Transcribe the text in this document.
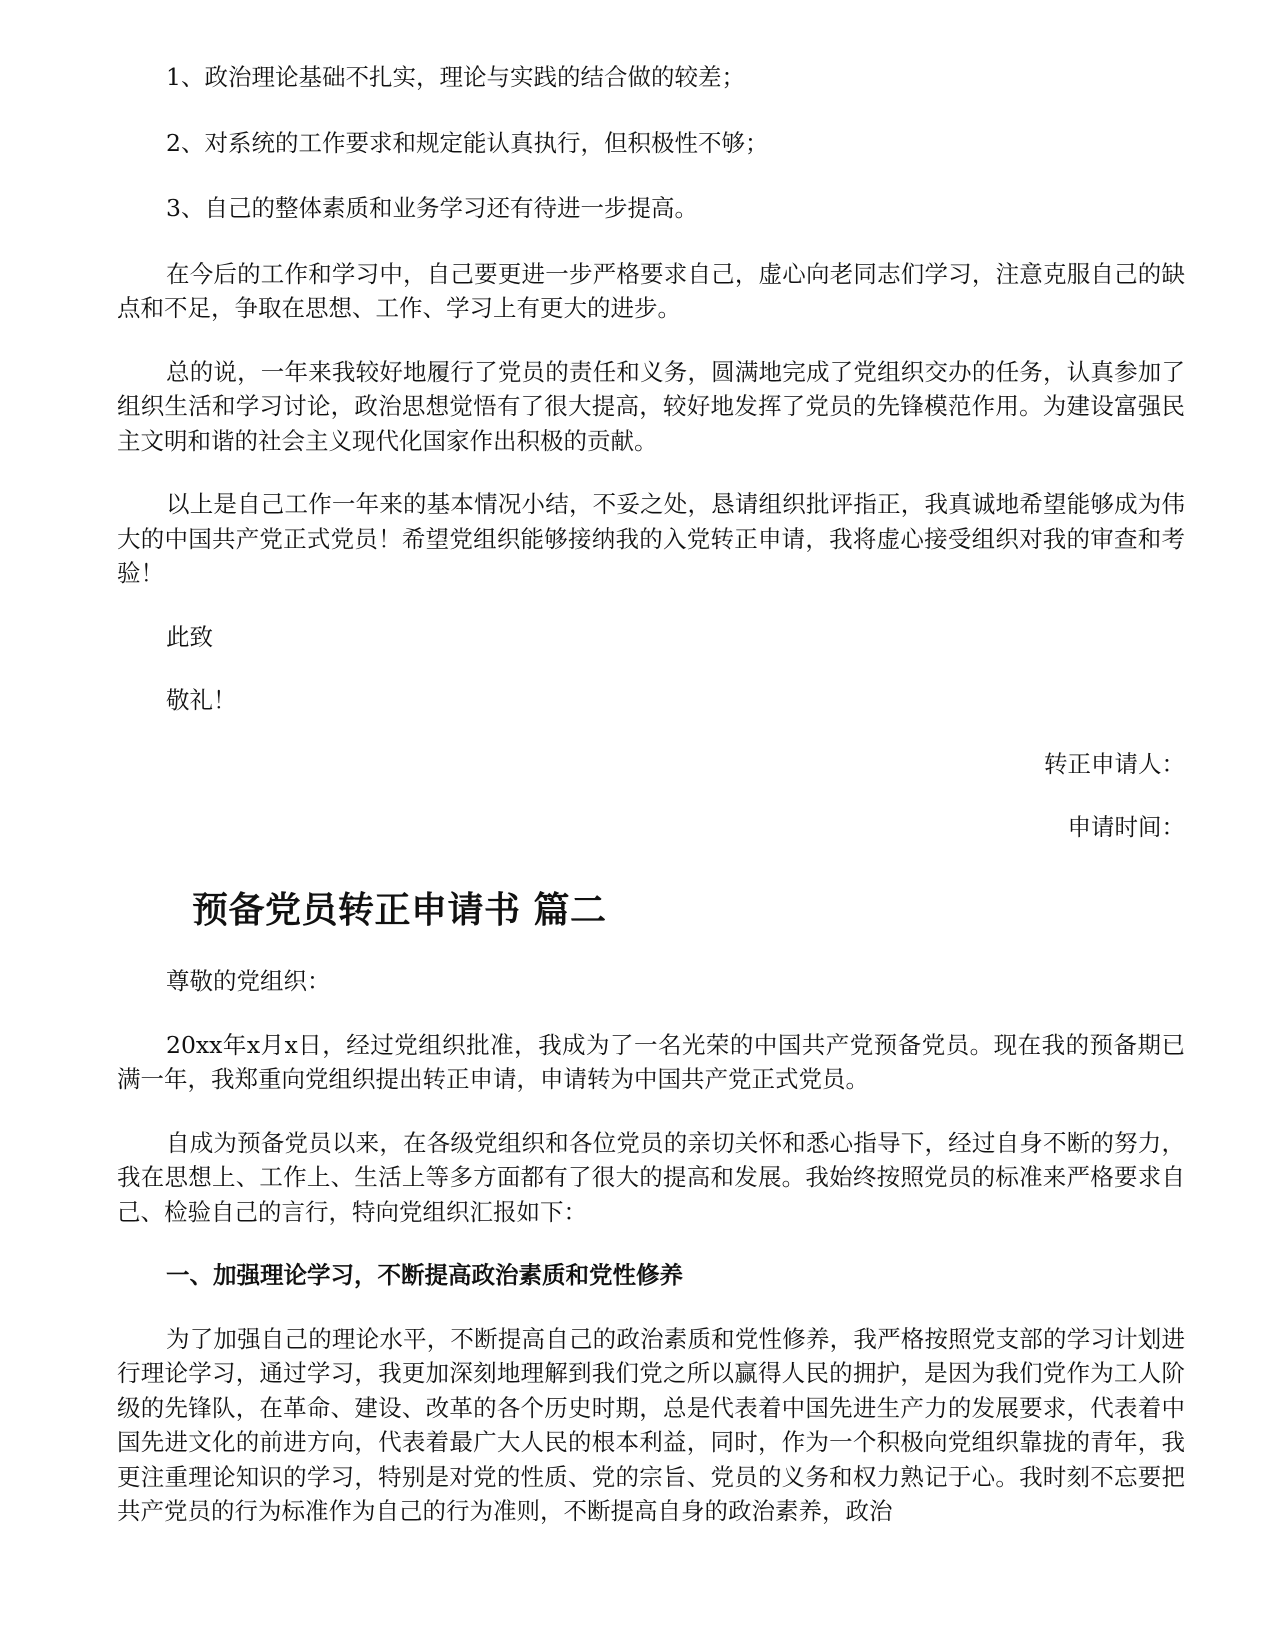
1、政治理论基础不扎实，理论与实践的结合做的较差；

2、对系统的工作要求和规定能认真执行，但积极性不够；

3、自己的整体素质和业务学习还有待进一步提高。

在今后的工作和学习中，自己要更进一步严格要求自己，虚心向老同志们学习，注意克服自己的缺点和不足，争取在思想、工作、学习上有更大的进步。

总的说，一年来我较好地履行了党员的责任和义务，圆满地完成了党组织交办的任务，认真参加了组织生活和学习讨论，政治思想觉悟有了很大提高，较好地发挥了党员的先锋模范作用。为建设富强民主文明和谐的社会主义现代化国家作出积极的贡献。

以上是自己工作一年来的基本情况小结，不妥之处，恳请组织批评指正，我真诚地希望能够成为伟大的中国共产党正式党员！希望党组织能够接纳我的入党转正申请，我将虚心接受组织对我的审查和考验！

此致

敬礼！

转正申请人：

申请时间：

预备党员转正申请书 篇二

尊敬的党组织：

20xx年x月x日，经过党组织批准，我成为了一名光荣的中国共产党预备党员。现在我的预备期已满一年，我郑重向党组织提出转正申请，申请转为中国共产党正式党员。

自成为预备党员以来，在各级党组织和各位党员的亲切关怀和悉心指导下，经过自身不断的努力，我在思想上、工作上、生活上等多方面都有了很大的提高和发展。我始终按照党员的标准来严格要求自己、检验自己的言行，特向党组织汇报如下：

一、加强理论学习，不断提高政治素质和党性修养

为了加强自己的理论水平，不断提高自己的政治素质和党性修养，我严格按照党支部的学习计划进行理论学习，通过学习，我更加深刻地理解到我们党之所以赢得人民的拥护，是因为我们党作为工人阶级的先锋队，在革命、建设、改革的各个历史时期，总是代表着中国先进生产力的发展要求，代表着中国先进文化的前进方向，代表着最广大人民的根本利益，同时，作为一个积极向党组织靠拢的青年，我更注重理论知识的学习，特别是对党的性质、党的宗旨、党员的义务和权力熟记于心。我时刻不忘要把共产党员的行为标准作为自己的行为准则，不断提高自身的政治素养，政治
